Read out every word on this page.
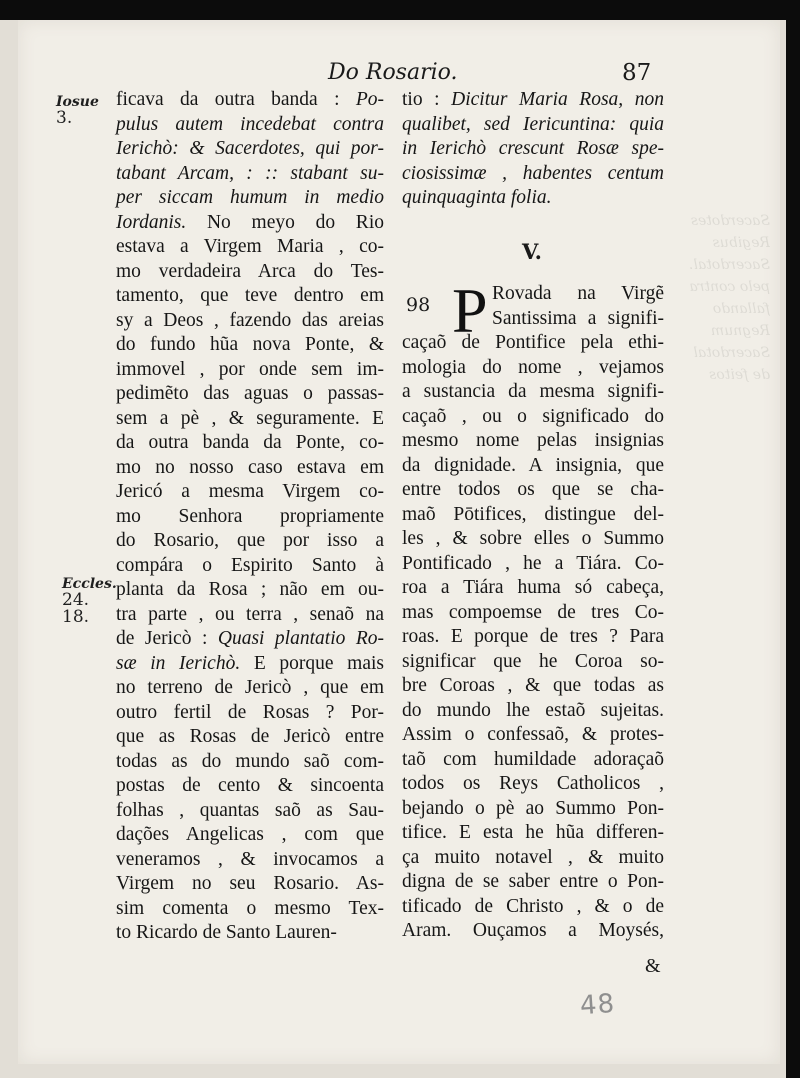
Sacerdotes
Regibus Sacerdotal.
pelo contra fallando
Regnum Sacerdotal
de feitos
Do Rosario.	87
Iosue
3.
Eccles.
24.
18.
ficava da outra banda : Po-
pulus autem incedebat contra
Ierichò: & Sacerdotes, qui por-
tabant Arcam, : :: stabant su-
per siccam humum in medio
Iordanis. No meyo do Rio
estava a Virgem Maria , co-
mo verdadeira Arca do Tes-
tamento, que teve dentro em
sy a Deos , fazendo das areias
do fundo hũa nova Ponte, &
immovel , por onde sem im-
pedimẽto das aguas o passas-
sem a pè , & seguramente. E
da outra banda da Ponte, co-
mo no nosso caso estava em
Jericó a mesma Virgem co-
mo Senhora propriamente
do Rosario, que por isso a
compára o Espirito Santo à
planta da Rosa ; não em ou-
tra parte , ou terra , senaõ na
de Jericò : Quasi plantatio Ro-
sæ in Ierichò. E porque mais
no terreno de Jericò , que em
outro fertil de Rosas ? Por-
que as Rosas de Jericò entre
todas as do mundo saõ com-
postas de cento & sincoenta
folhas , quantas saõ as Sau-
dações Angelicas , com que
veneramos , & invocamos a
Virgem no seu Rosario. As-
sim comenta o mesmo Tex-
to Ricardo de Santo Lauren-
tio : Dicitur Maria Rosa, non
qualibet, sed Iericuntina: quia
in Ierichò crescunt Rosæ spe-
ciosissimæ , habentes centum
quinquaginta folia.
V.
98 P Rovada na Virgẽ
Santissima a signifi-
caçaõ de Pontifice pela ethi-
mologia do nome , vejamos
a sustancia da mesma signifi-
caçaõ , ou o significado do
mesmo nome pelas insignias
da dignidade. A insignia, que
entre todos os que se cha-
maõ Pōtifices, distingue del-
les , & sobre elles o Summo
Pontificado , he a Tiára. Co-
roa a Tiára huma só cabeça,
mas compoemse de tres Co-
roas. E porque de tres ? Para
significar que he Coroa so-
bre Coroas , & que todas as
do mundo lhe estaõ sujeitas.
Assim o confessaõ, & protes-
taõ com humildade adoraçaõ
todos os Reys Catholicos ,
bejando o pè ao Summo Pon-
tifice. E esta he hũa differen-
ça muito notavel , & muito
digna de se saber entre o Pon-
tificado de Christo , & o de
Aram. Ouçamos a Moysés,
&
48
